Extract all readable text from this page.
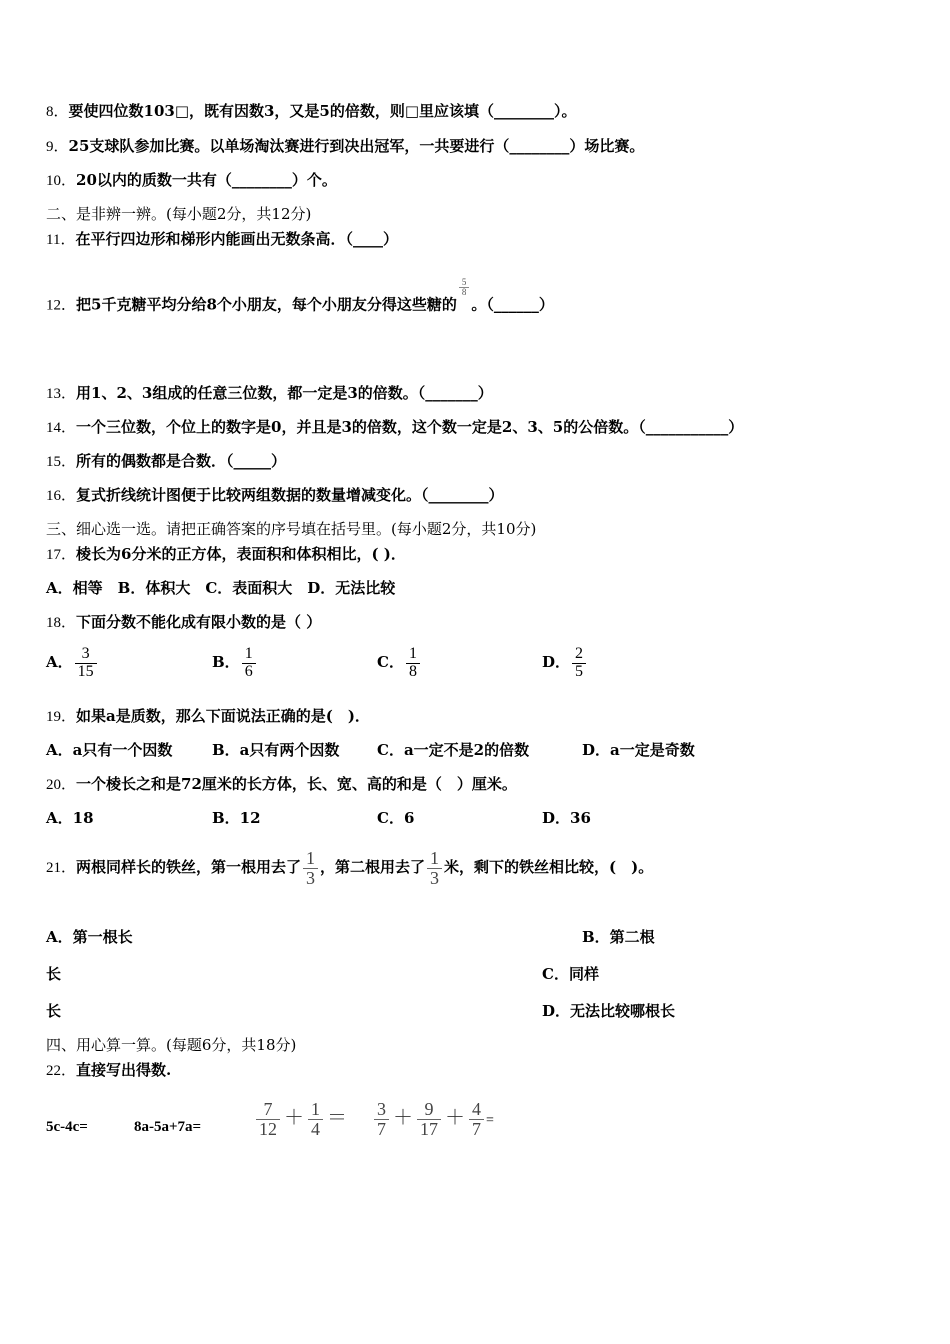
8．要使四位数103□，既有因数3，又是5的倍数，则□里应该填（________）。
9．25支球队参加比赛。以单场淘汰赛进行到决出冠军，一共要进行（________）场比赛。
10．20以内的质数一共有（________）个。
二、是非辨一辨。(每小题2分，共12分)
11．在平行四边形和梯形内能画出无数条高．（____）
12．把5千克糖平均分给8个小朋友，每个小朋友分得这些糖的
$\frac{5}{8}$
。（______）
13．用1、2、3组成的任意三位数，都一定是3的倍数。（_______）
14．一个三位数，个位上的数字是0，并且是3的倍数，这个数一定是2、3、5的公倍数。（___________）
15．所有的偶数都是合数．（_____）
16．复式折线统计图便于比较两组数据的数量增减变化。（________）
三、细心选一选。请把正确答案的序号填在括号里。(每小题2分，共10分)
17．棱长为6分米的正方体，表面积和体积相比，( )．
A．相等　B．体积大　C．表面积大　D．无法比较
18．下面分数不能化成有限小数的是（ ）
A． $\frac{3}{15}$	B． $\frac{1}{6}$	C． $\frac{1}{8}$	D． $\frac{2}{5}$
19．如果a是质数，那么下面说法正确的是(　)．
A．a只有一个因数	B．a只有两个因数	C．a一定不是2的倍数	D．a一定是奇数
20．一个棱长之和是72厘米的长方体，长、宽、高的和是（　）厘米。
A．18	B．12	C．6	D．36
21．两根同样长的铁丝，第一根用去了 $\frac{1}{3}$ ，第二根用去了 $\frac{1}{3}$ 米，剩下的铁丝相比较，(　)。
A．第一根长	B．第二根
长	C．同样
长	D．无法比较哪根长
四、用心算一算。(每题6分，共18分)
22．直接写出得数.
5c-4c=	8a-5a+7a=	$\frac{7}{12} + \frac{1}{4} = \frac{3}{7} + \frac{9}{17} + \frac{4}{7}$ =
